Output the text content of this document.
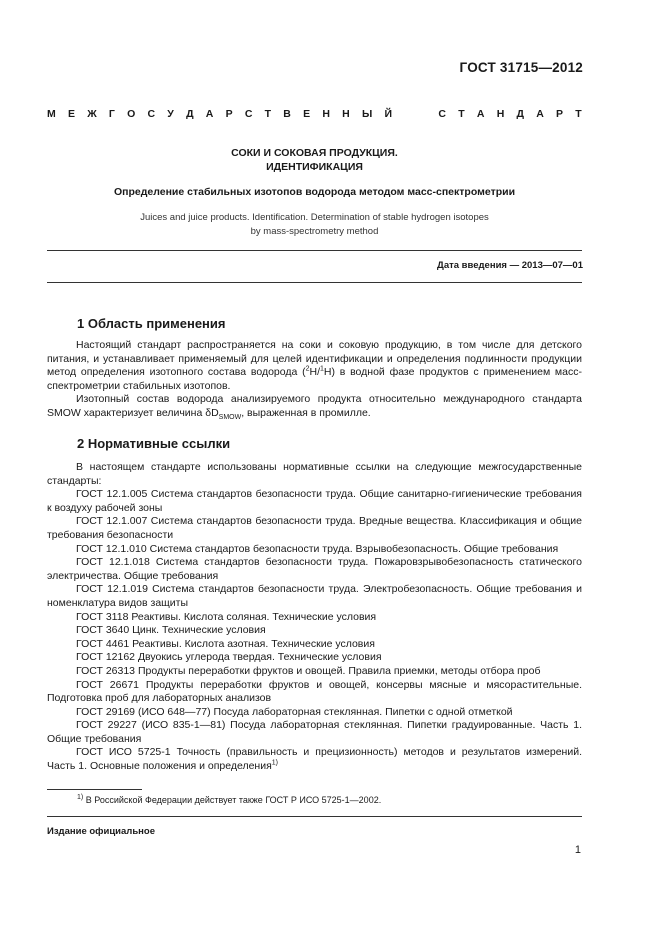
ГОСТ 31715—2012
М Е Ж Г О С У Д А Р С Т В Е Н Н Ы Й	С Т А Н Д А Р Т
СОКИ И СОКОВАЯ ПРОДУКЦИЯ.
ИДЕНТИФИКАЦИЯ
Определение стабильных изотопов водорода методом масс-спектрометрии
Juices and juice products. Identification. Determination of stable hydrogen isotopes
by mass-spectrometry method
Дата введения — 2013—07—01
1 Область применения

Настоящий стандарт распространяется на соки и соковую продукцию, в том числе для детского питания, и устанавливает применяемый для целей идентификации и определения подлинности продукции метод определения изотопного состава водорода ($^2$H/$^1$H) в водной фазе продуктов с применением масс-спектрометрии стабильных изотопов.

Изотопный состав водорода анализируемого продукта относительно международного стандарта SMOW характеризует величина $\delta D_{SMOW}$, выраженная в промилле.

2 Нормативные ссылки

В настоящем стандарте использованы нормативные ссылки на следующие межгосударственные стандарты:

ГОСТ 12.1.005 Система стандартов безопасности труда. Общие санитарно-гигиенические требования к воздуху рабочей зоны

ГОСТ 12.1.007 Система стандартов безопасности труда. Вредные вещества. Классификация и общие требования безопасности

ГОСТ 12.1.010 Система стандартов безопасности труда. Взрывобезопасность. Общие требования

ГОСТ 12.1.018 Система стандартов безопасности труда. Пожаровзрывобезопасность статического электричества. Общие требования

ГОСТ 12.1.019 Система стандартов безопасности труда. Электробезопасность. Общие требования и номенклатура видов защиты

ГОСТ 3118 Реактивы. Кислота соляная. Технические условия

ГОСТ 3640 Цинк. Технические условия

ГОСТ 4461 Реактивы. Кислота азотная. Технические условия

ГОСТ 12162 Двуокись углерода твердая. Технические условия

ГОСТ 26313 Продукты переработки фруктов и овощей. Правила приемки, методы отбора проб

ГОСТ 26671 Продукты переработки фруктов и овощей, консервы мясные и мясорастительные. Подготовка проб для лабораторных анализов

ГОСТ 29169 (ИСО 648—77) Посуда лабораторная стеклянная. Пипетки с одной отметкой

ГОСТ 29227 (ИСО 835-1—81) Посуда лабораторная стеклянная. Пипетки градуированные. Часть 1. Общие требования

ГОСТ ИСО 5725-1 Точность (правильность и прецизионность) методов и результатов измерений. Часть 1. Основные положения и определения$^{1)}$

$^{1)}$ В Российской Федерации действует также ГОСТ Р ИСО 5725-1—2002.
Издание официальное
1
